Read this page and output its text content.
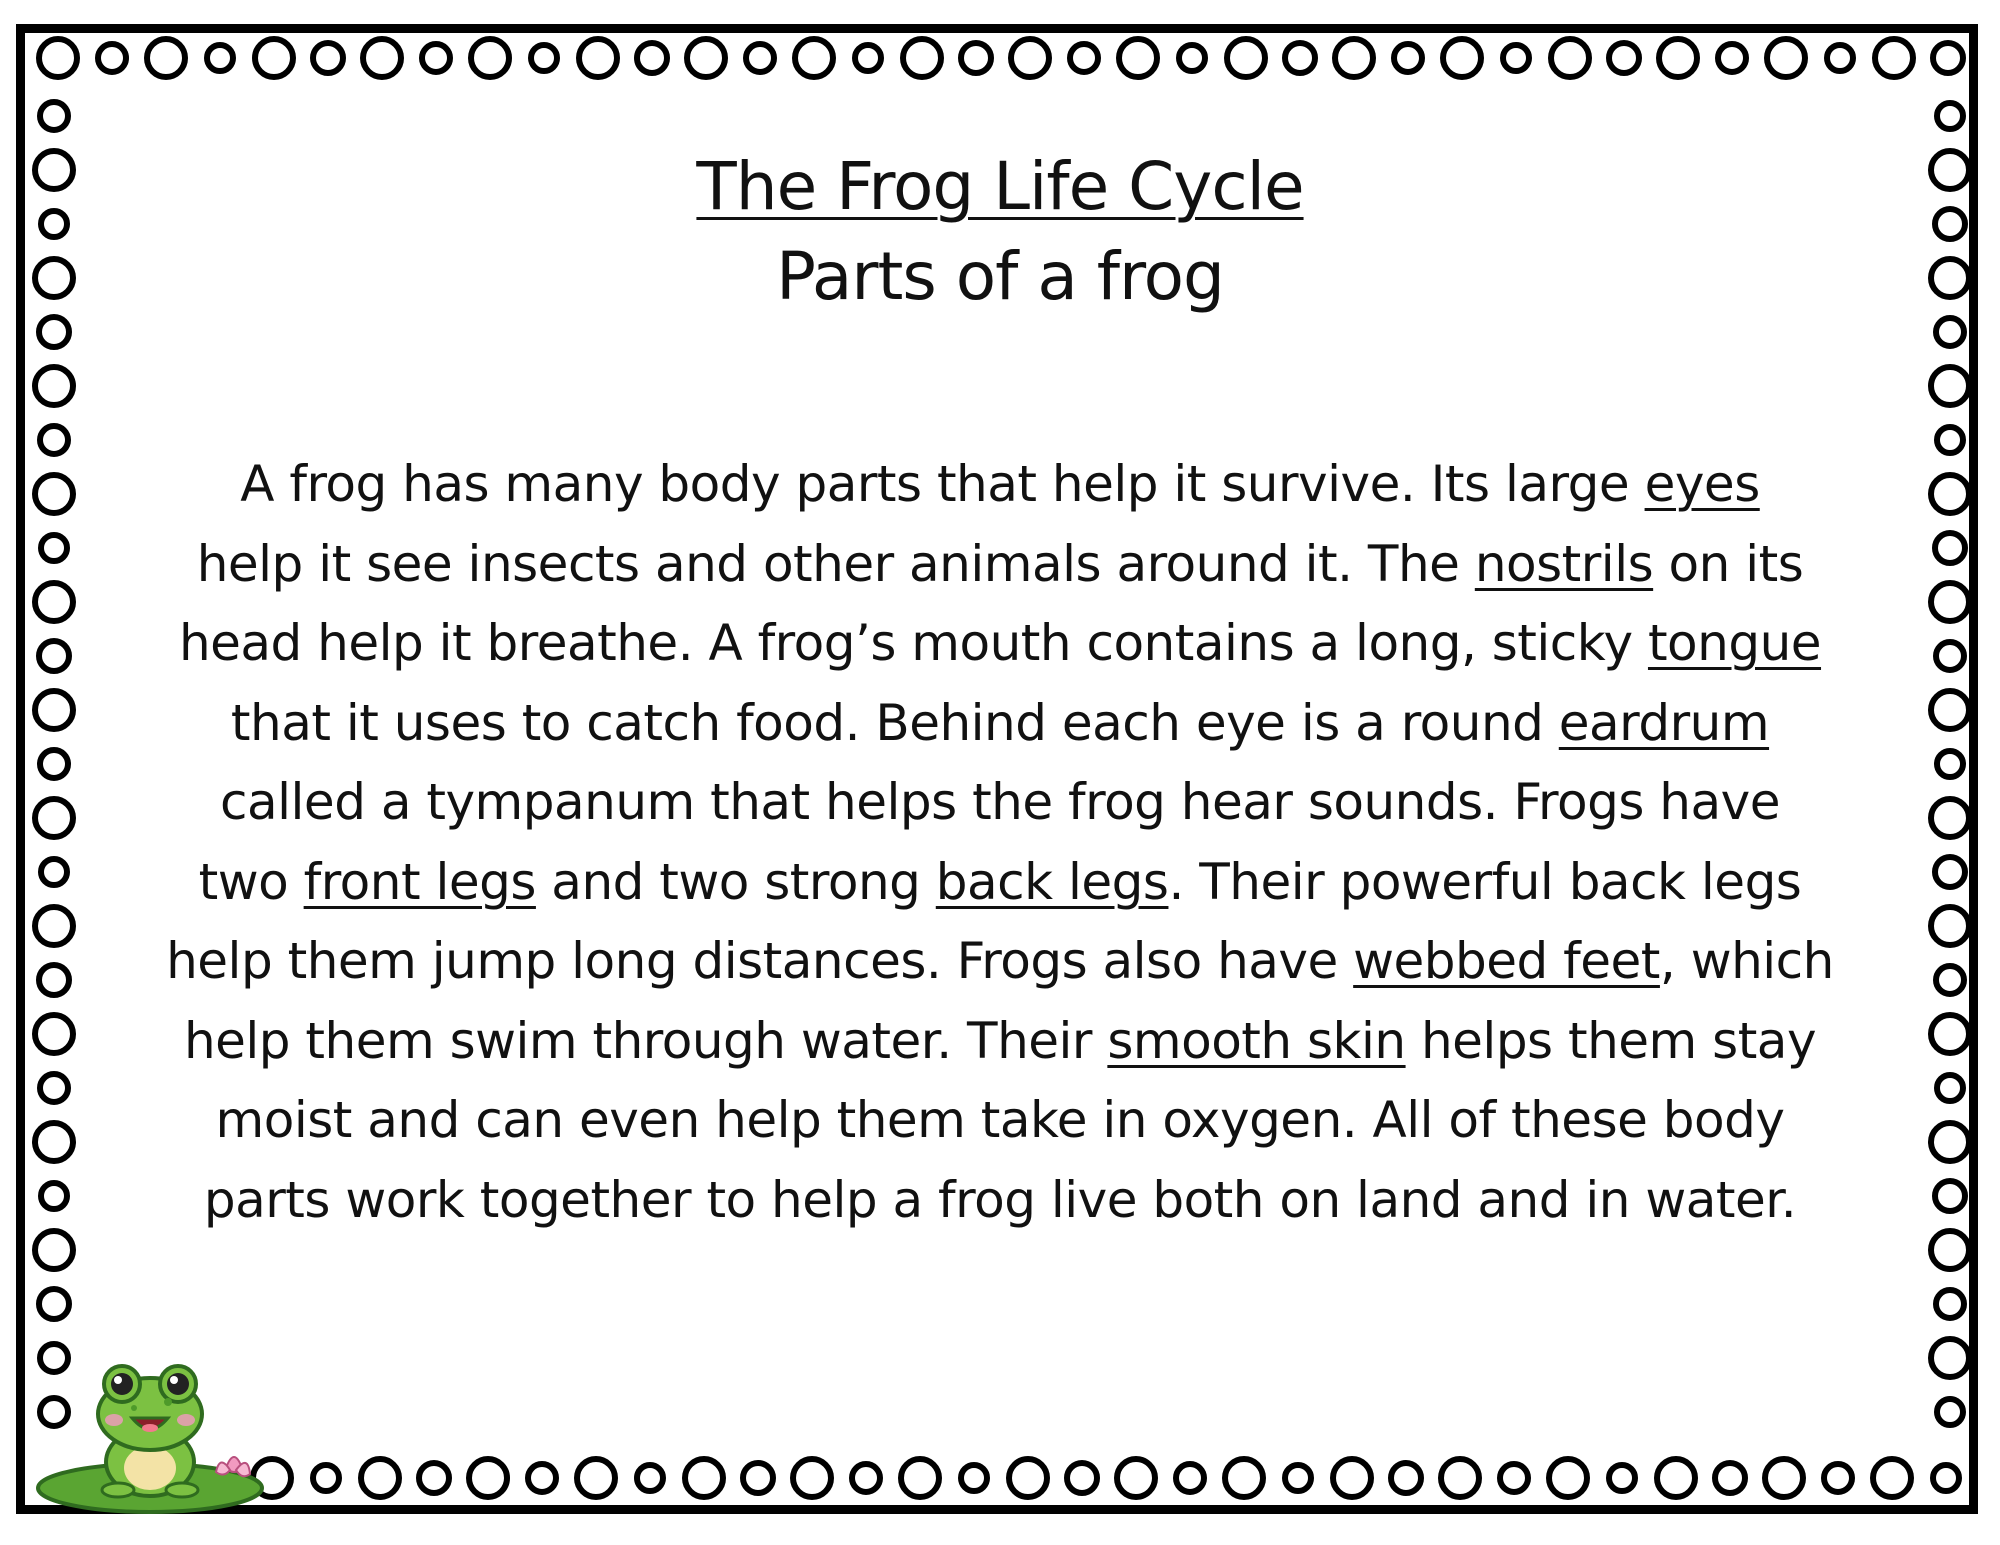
The Frog Life Cycle
Parts of a frog
A frog has many body parts that help it survive. Its large eyes
help it see insects and other animals around it. The nostrils on its
head help it breathe. A frog’s mouth contains a long, sticky tongue
that it uses to catch food. Behind each eye is a round eardrum
called a tympanum that helps the frog hear sounds. Frogs have
two front legs and two strong back legs. Their powerful back legs
help them jump long distances. Frogs also have webbed feet, which
help them swim through water. Their smooth skin helps them stay
moist and can even help them take in oxygen. All of these body
parts work together to help a frog live both on land and in water.
